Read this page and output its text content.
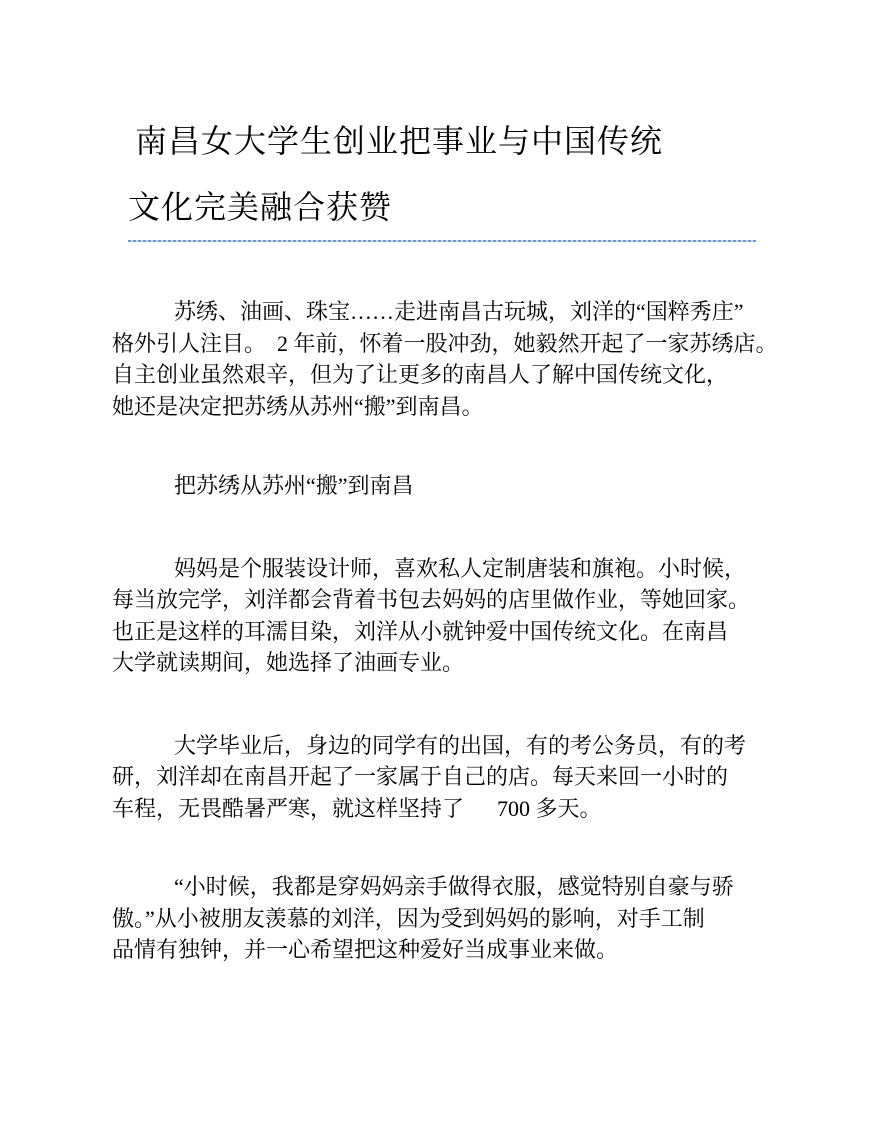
南昌女大学生创业把事业与中国传统
文化完美融合获赞
苏绣、油画、珠宝……走进南昌古玩城，刘洋的“国粹秀庄”
格外引人注目。  2 年前，怀着一股冲劲，她毅然开起了一家苏绣店。
自主创业虽然艰辛，但为了让更多的南昌人了解中国传统文化，
她还是决定把苏绣从苏州“搬”到南昌。
把苏绣从苏州“搬”到南昌
妈妈是个服装设计师，喜欢私人定制唐装和旗袍。小时候，
每当放完学，刘洋都会背着书包去妈妈的店里做作业，等她回家。
也正是这样的耳濡目染，刘洋从小就钟爱中国传统文化。在南昌
大学就读期间，她选择了油画专业。
大学毕业后，身边的同学有的出国，有的考公务员，有的考
研，刘洋却在南昌开起了一家属于自己的店。每天来回一小时的
车程，无畏酷暑严寒，就这样坚持了      700 多天。
“小时候，我都是穿妈妈亲手做得衣服，感觉特别自豪与骄
傲。”从小被朋友羡慕的刘洋，因为受到妈妈的影响，对手工制
品情有独钟，并一心希望把这种爱好当成事业来做。
